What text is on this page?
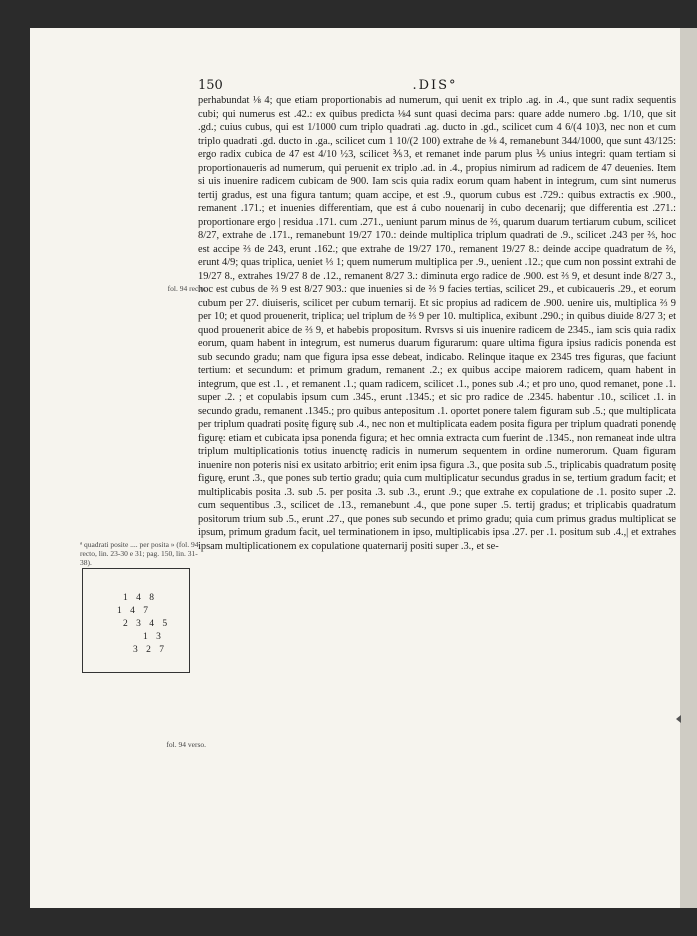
150	.DIS°

perhabundat ⅛ 4; que etiam proportionabis ad numerum, qui uenit ex triplo .ag. in .4., que sunt radix sequentis cubi; qui numerus est .42.: ex quibus predicta ⅛4 sunt quasi decima pars: quare adde numero .bg. 1/10, que sit .gd.; cuius cubus, qui est 1/1000 cum triplo quadrati .ag. ducto in .gd., scilicet cum 4 6/(4 10)3, nec non et cum triplo quadrati .gd. ducto in .ga., scilicet cum 1 10/(2 100) extrahe de ⅛ 4, remanebunt 344/1000, que sunt 43/125: ergo radix cubica de 47 est 4/10 ½3, scilicet ⅗3, et remanet inde parum plus ⅕ unius integri: quam tertiam si proportionaueris ad numerum, qui peruenit ex triplo .ad. in .4., propius nimirum ad radicem de 47 deuenies. Item si uis inuenire radicem cubicam de 900. Iam scis quia radix eorum quam habent in integrum, cum sint numerus tertij gradus, est una figura tantum; quam accipe, et est .9., quorum cubus est .729.: quibus extractis ex .900., remanent .171.; et inuenies differentiam, que est á cubo nouenarij in cubo decenarij; que differentia est .271.: proportionare ergo | residua .171. cum .271., ueniunt parum minus de ⅔, quarum duarum tertiarum cubum, scilicet 8/27, extrahe de .171., remanebunt 19/27 170.: deinde multiplica triplum quadrati de .9., scilicet .243 per ⅔, hoc est accipe ⅔ de 243, erunt .162.; que extrahe de 19/27 170., remanent 19/27 8.: deinde accipe quadratum de ⅔, erunt 4/9; quas triplica, ueniet ⅓ 1; quem numerum multiplica per .9., uenient .12.; que cum non possint extrahi de 19/27 8., extrahes 19/27 8 de .12., remanent 8/27 3.: diminuta ergo radice de .900. est ⅔ 9, et desunt inde 8/27 3., hoc est cubus de ⅔ 9 est 8/27 903.: que inuenies si de ⅔ 9 facies tertias, scilicet 29., et cubicaueris .29., et eorum cubum per 27. diuiseris, scilicet per cubum ternarij. Et sic propius ad radicem de .900. uenire uis, multiplica ⅔ 9 per 10; et quod prouenerit, triplica; uel triplum de ⅔ 9 per 10. multiplica, exibunt .290.; in quibus diuide 8/27 3; et quod prouenerit abice de ⅔ 9, et habebis propositum. Rvrsvs si uis inuenire radicem de 2345., iam scis quia radix eorum, quam habent in integrum, est numerus duarum figurarum: quare ultima figura ipsius radicis ponenda est sub secundo gradu; nam que figura ipsa esse debeat, indicabo. Relinque itaque ex 2345 tres figuras, que faciunt tertium: et secundum: et primum gradum, remanent .2.; ex quibus accipe maiorem radicem, quam habent in integrum, que est .1. , et remanent .1.; quam radicem, scilicet .1., pones sub .4.; et pro uno, quod remanet, pone .1. super .2. ; et copulabis ipsum cum .345., erunt .1345.; et sic pro radice de .2345. habentur .10., scilicet .1. in secundo gradu, remanent .1345.; pro quibus antepositum .1. oportet ponere talem figuram sub .5.; que multiplicata per triplum quadrati positę figurę sub .4., nec non et multiplicata eadem posita figura per triplum quadrati ponendę figurę: etiam et cubicata ipsa ponenda figura; et hec omnia extracta cum fuerint de .1345., non remaneat inde ultra triplum multiplicationis totius inuenctę radicis in numerum sequentem in ordine numerorum. Quam figuram inuenire non poteris nisi ex usitato arbitrio; erit enim ipsa figura .3., que posita sub .5., triplicabis quadratum positę figurę, erunt .3., que pones sub tertio gradu; quia cum multiplicatur secundus gradus in se, tertium gradum facit; et multiplicabis posita .3. sub .5. per posita .3. sub .3., erunt .9.; que extrahe ex copulatione de .1. posito super .2. cum sequentibus .3., scilicet de .13., remanebunt .4., que pone super .5. tertij gradus; et triplicabis quadratum positorum trium sub .5., erunt .27., que pones sub secundo et primo gradu; quia cum primus gradus multiplicat se ipsum, primum gradum facit, uel terminationem in ipso, multiplicabis ipsa .27. per .1. positum sub .4.,| et extrahes ipsam multiplicationem ex copulatione quaternarij positi super .3., et se-

fol. 94 recto.
ª quadrati posite .... per posita » (fol. 94 recto, lin. 23-30 e 31; pag. 150, lin. 31-38).
1 4 8
1 4 7
2 3 4 5
1 3
3 2 7
fol. 94 verso.
